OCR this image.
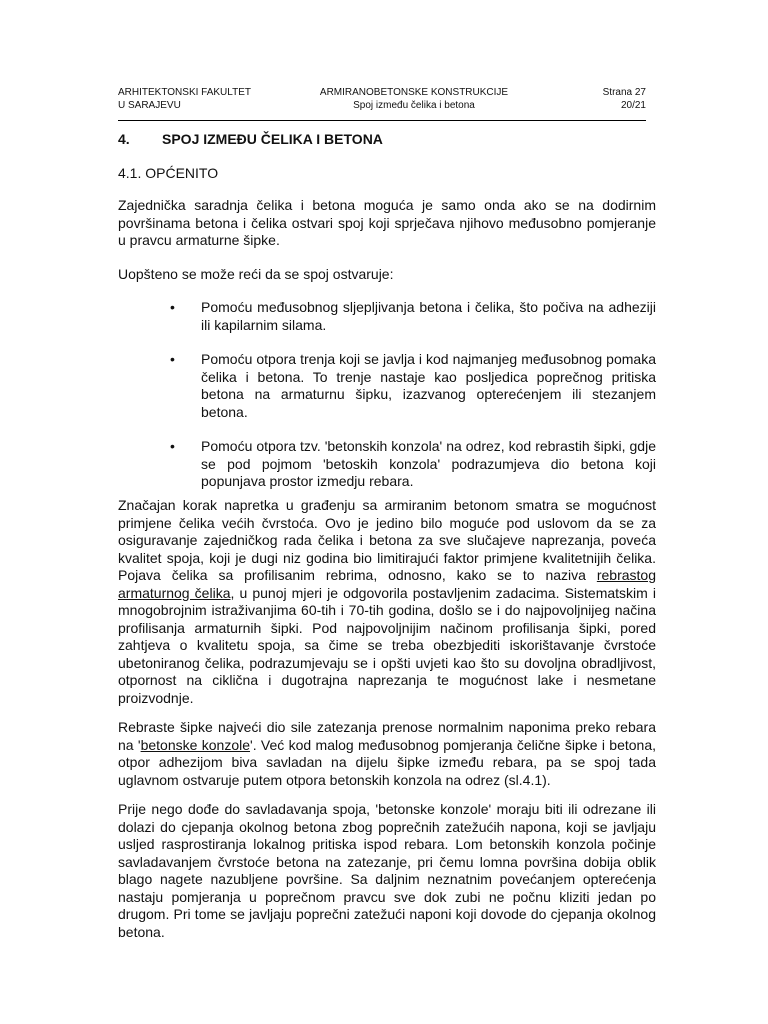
ARHITEKTONSKI FAKULTET
U SARAJEVU
ARMIRANOBETONSKE KONSTRUKCIJE
Spoj između čelika i betona
Strana 27
20/21
4. SPOJ IZMEĐU ČELIKA I BETONA
4.1. OPĆENITO
Zajednička saradnja čelika i betona moguća je samo onda ako se na dodirnim površinama betona i čelika ostvari spoj koji sprječava njihovo međusobno pomjeranje u pravcu armaturne šipke.
Uopšteno se može reći da se spoj ostvaruje:
• Pomoću međusobnog sljepljivanja betona i čelika, što počiva na adheziji ili kapilarnim silama.
• Pomoću otpora trenja koji se javlja i kod najmanjeg međusobnog pomaka čelika i betona. To trenje nastaje kao posljedica poprečnog pritiska betona na armaturnu šipku, izazvanog opterećenjem ili stezanjem betona.
• Pomoću otpora tzv. 'betonskih konzola' na odrez, kod rebrastih šipki, gdje se pod pojmom 'betoskih konzola' podrazumjeva dio betona koji popunjava prostor izmedju rebara.
Značajan korak napretka u građenju sa armiranim betonom smatra se mogućnost primjene čelika većih čvrstoća. Ovo je jedino bilo moguće pod uslovom da se za osiguravanje zajedničkog rada čelika i betona za sve slučajeve naprezanja, poveća kvalitet spoja, koji je dugi niz godina bio limitirajući faktor primjene kvalitetnijih čelika. Pojava čelika sa profilisanim rebrima, odnosno, kako se to naziva rebrastog armaturnog čelika, u punoj mjeri je odgovorila postavljenim zadacima. Sistematskim i mnogobrojnim istraživanjima 60-tih i 70-tih godina, došlo se i do najpovoljnijeg načina profilisanja armaturnih šipki. Pod najpovoljnijim načinom profilisanja šipki, pored zahtjeva o kvalitetu spoja, sa čime se treba obezbjediti iskorištavanje čvrstoće ubetoniranog čelika, podrazumjevaju se i opšti uvjeti kao što su dovoljna obradljivost, otpornost na ciklična i dugotrajna naprezanja te mogućnost lake i nesmetane proizvodnje.
Rebraste šipke najveći dio sile zatezanja prenose normalnim naponima preko rebara na 'betonske konzole'. Već kod malog međusobnog pomjeranja čelične šipke i betona, otpor adhezijom biva savladan na dijelu šipke između rebara, pa se spoj tada uglavnom ostvaruje putem otpora betonskih konzola na odrez (sl.4.1).
Prije nego dođe do savladavanja spoja, 'betonske konzole' moraju biti ili odrezane ili dolazi do cjepanja okolnog betona zbog poprečnih zatežućih napona, koji se javljaju usljed rasprostiranja lokalnog pritiska ispod rebara. Lom betonskih konzola počinje savladavanjem čvrstoće betona na zatezanje, pri čemu lomna površina dobija oblik blago nagete nazubljene površine. Sa daljnim neznatnim povećanjem opterećenja nastaju pomjeranja u poprečnom pravcu sve dok zubi ne počnu kliziti jedan po drugom. Pri tome se javljaju poprečni zatežući naponi koji dovode do cjepanja okolnog betona.
